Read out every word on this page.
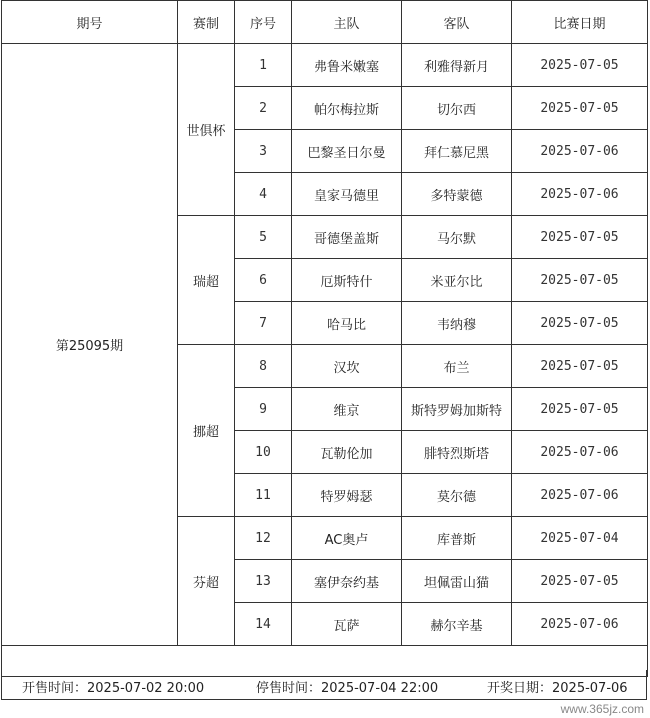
期号	赛制	序号	主队	客队	比赛日期
第25095期	世俱杯	1	弗鲁米嫩塞	利雅得新月	2025-07-05
		2	帕尔梅拉斯	切尔西	2025-07-05
		3	巴黎圣日尔曼	拜仁慕尼黑	2025-07-06
		4	皇家马德里	多特蒙德	2025-07-06
	瑞超	5	哥德堡盖斯	马尔默	2025-07-05
		6	厄斯特什	米亚尔比	2025-07-05
		7	哈马比	韦纳穆	2025-07-05
	挪超	8	汉坎	布兰	2025-07-05
		9	维京	斯特罗姆加斯特	2025-07-05
		10	瓦勒伦加	腓特烈斯塔	2025-07-06
		11	特罗姆瑟	莫尔德	2025-07-06
	芬超	12	AC奥卢	库普斯	2025-07-04
		13	塞伊奈约基	坦佩雷山猫	2025-07-05
		14	瓦萨	赫尔辛基	2025-07-06

开售时间：2025-07-02 20:00	停售时间：2025-07-04 22:00	开奖日期：2025-07-06
www.365jz.com
